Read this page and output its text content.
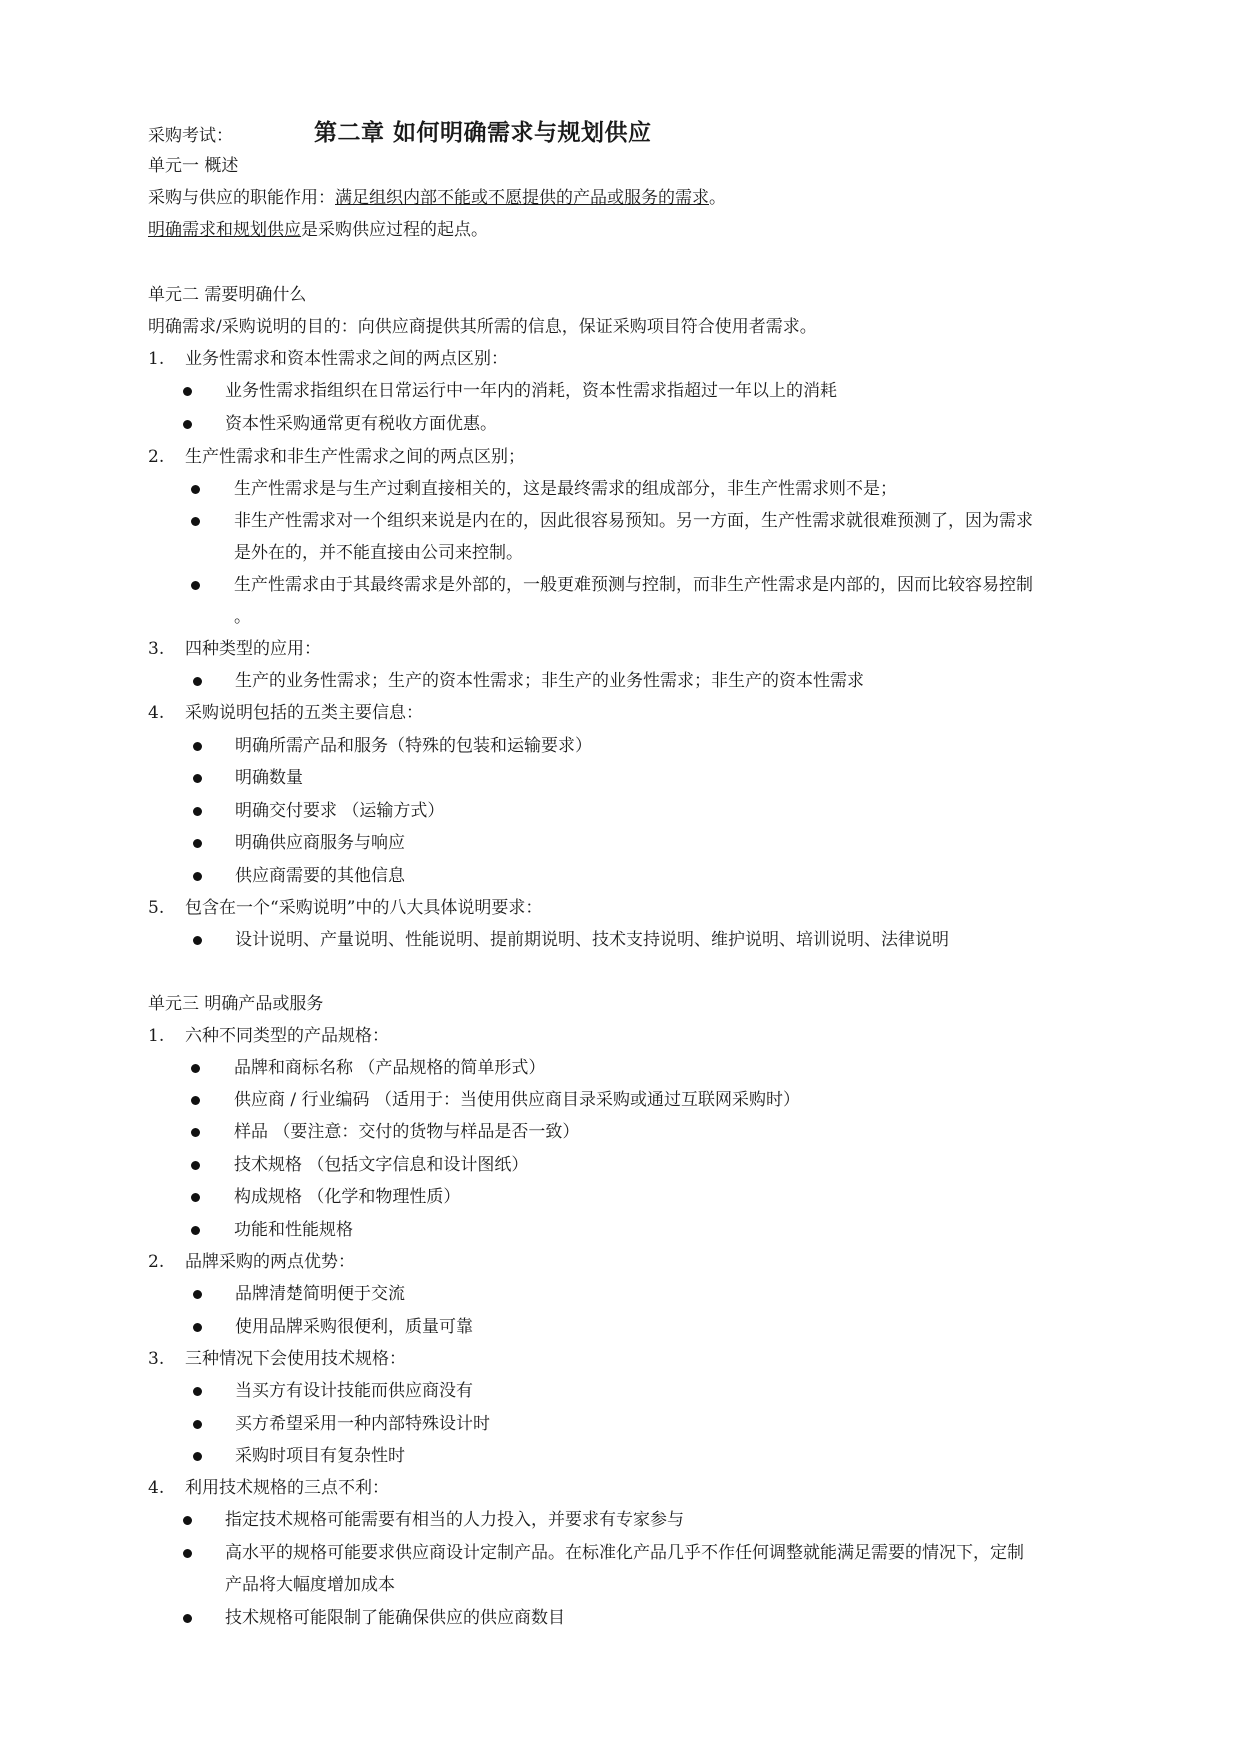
采购考试：	第二章 如何明确需求与规划供应
单元一 概述
采购与供应的职能作用：满足组织内部不能或不愿提供的产品或服务的需求。
明确需求和规划供应是采购供应过程的起点。
单元二 需要明确什么
明确需求/采购说明的目的：向供应商提供其所需的信息，保证采购项目符合使用者需求。
1. 业务性需求和资本性需求之间的两点区别：
业务性需求指组织在日常运行中一年内的消耗，资本性需求指超过一年以上的消耗
资本性采购通常更有税收方面优惠。
2. 生产性需求和非生产性需求之间的两点区别；
生产性需求是与生产过剩直接相关的，这是最终需求的组成部分，非生产性需求则不是；
非生产性需求对一个组织来说是内在的，因此很容易预知。另一方面，生产性需求就很难预测了，因为需求
是外在的，并不能直接由公司来控制。
生产性需求由于其最终需求是外部的，一般更难预测与控制，而非生产性需求是内部的，因而比较容易控制
。
3. 四种类型的应用：
生产的业务性需求；生产的资本性需求；非生产的业务性需求；非生产的资本性需求
4. 采购说明包括的五类主要信息：
明确所需产品和服务（特殊的包装和运输要求）
明确数量
明确交付要求 （运输方式）
明确供应商服务与响应
供应商需要的其他信息
5. 包含在一个“采购说明”中的八大具体说明要求：
设计说明、产量说明、性能说明、提前期说明、技术支持说明、维护说明、培训说明、法律说明
单元三 明确产品或服务
1. 六种不同类型的产品规格：
品牌和商标名称 （产品规格的简单形式）
供应商 / 行业编码 （适用于：当使用供应商目录采购或通过互联网采购时）
样品 （要注意：交付的货物与样品是否一致）
技术规格 （包括文字信息和设计图纸）
构成规格 （化学和物理性质）
功能和性能规格
2. 品牌采购的两点优势：
品牌清楚简明便于交流
使用品牌采购很便利，质量可靠
3. 三种情况下会使用技术规格：
当买方有设计技能而供应商没有
买方希望采用一种内部特殊设计时
采购时项目有复杂性时
4. 利用技术规格的三点不利：
指定技术规格可能需要有相当的人力投入，并要求有专家参与
高水平的规格可能要求供应商设计定制产品。在标准化产品几乎不作任何调整就能满足需要的情况下，定制
产品将大幅度增加成本
技术规格可能限制了能确保供应的供应商数目
